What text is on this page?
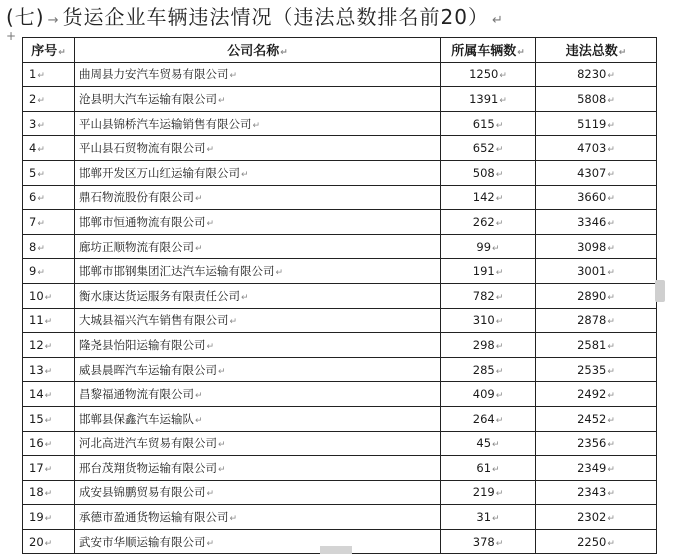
(七) → 货运企业车辆违法情况（违法总数排名前20） ↵
+
序号↵	公司名称↵	所属车辆数↵	违法总数↵
1↵	曲周县力安汽车贸易有限公司↵	1250↵	8230↵
2↵	沧县明大汽车运输有限公司↵	1391↵	5808↵
3↵	平山县锦桥汽车运输销售有限公司↵	615↵	5119↵
4↵	平山县石贸物流有限公司↵	652↵	4703↵
5↵	邯郸开发区万山红运输有限公司↵	508↵	4307↵
6↵	鼎石物流股份有限公司↵	142↵	3660↵
7↵	邯郸市恒通物流有限公司↵	262↵	3346↵
8↵	廊坊正顺物流有限公司↵	99↵	3098↵
9↵	邯郸市邯钢集团汇达汽车运输有限公司↵	191↵	3001↵
10↵	衡水康达货运服务有限责任公司↵	782↵	2890↵
11↵	大城县福兴汽车销售有限公司↵	310↵	2878↵
12↵	隆尧县怡阳运输有限公司↵	298↵	2581↵
13↵	威县晨晖汽车运输有限公司↵	285↵	2535↵
14↵	昌黎福通物流有限公司↵	409↵	2492↵
15↵	邯郸县保鑫汽车运输队↵	264↵	2452↵
16↵	河北高进汽车贸易有限公司↵	45↵	2356↵
17↵	邢台茂翔货物运输有限公司↵	61↵	2349↵
18↵	成安县锦鹏贸易有限公司↵	219↵	2343↵
19↵	承德市盈通货物运输有限公司↵	31↵	2302↵
20↵	武安市华顺运输有限公司↵	378↵	2250↵
